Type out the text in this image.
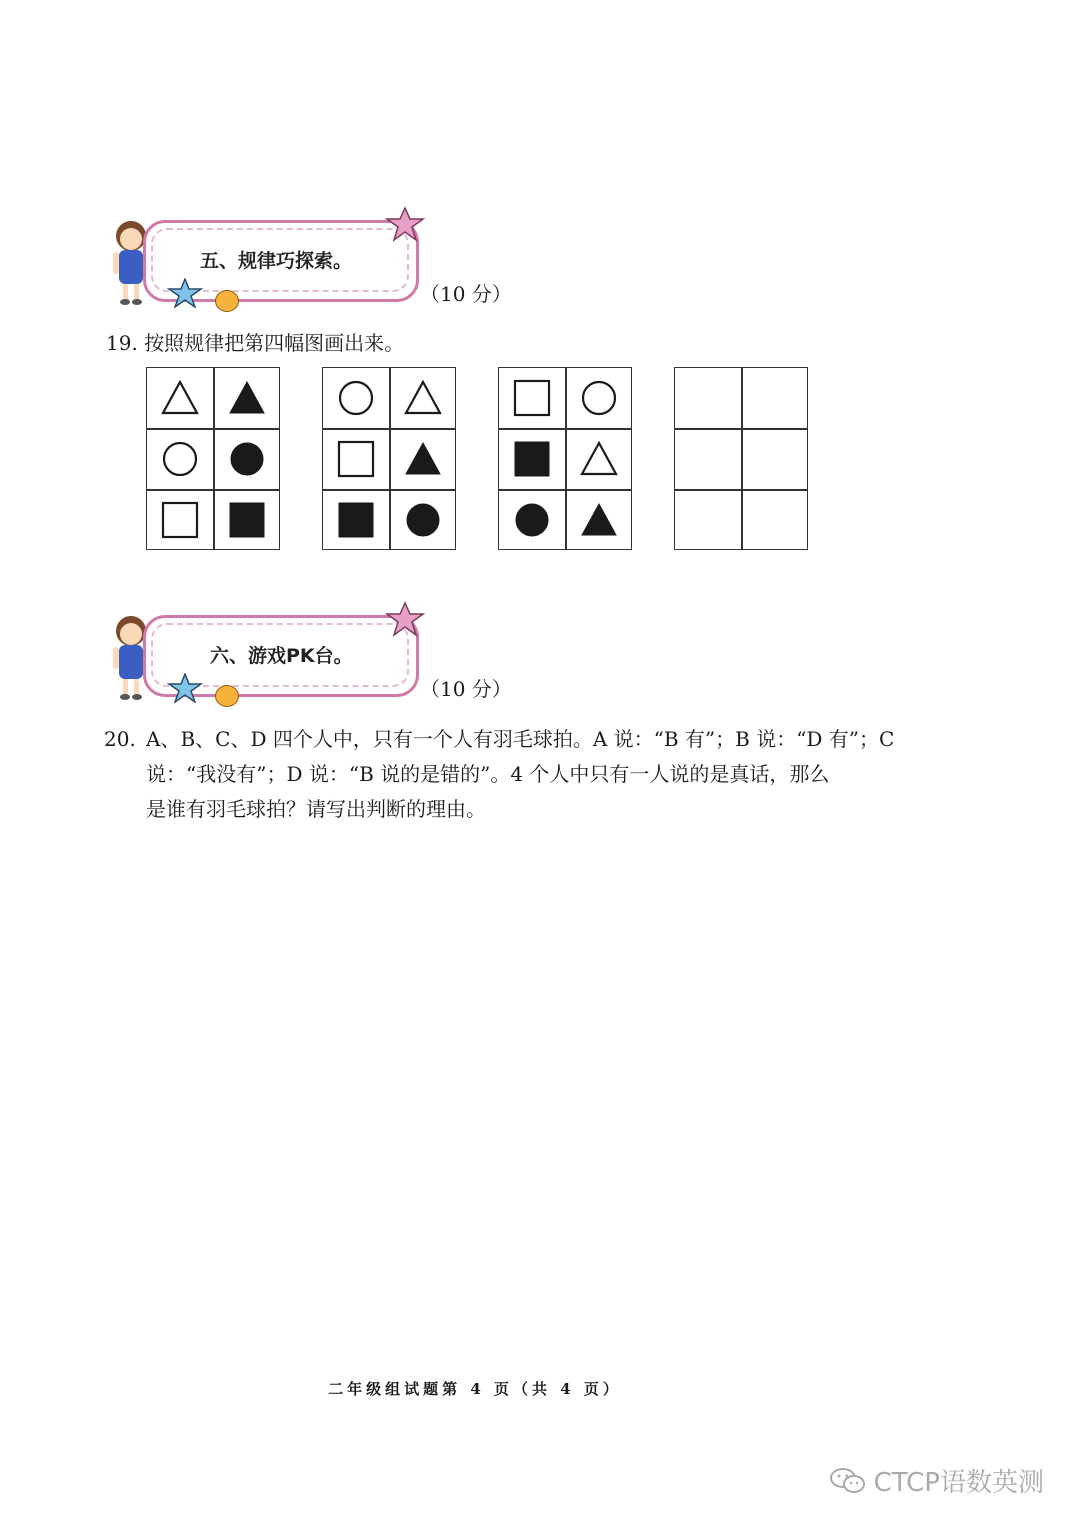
五、规律巧探索。
（10 分）
19. 按照规律把第四幅图画出来。
六、游戏PK台。
（10 分）
20. A、B、C、D 四个人中，只有一个人有羽毛球拍。A 说：“B 有”；B 说：“D 有”；C
说：“我没有”；D 说：“B 说的是错的”。4 个人中只有一人说的是真话，那么
是谁有羽毛球拍？请写出判断的理由。
二年级组试题第 4 页（共 4 页）
CTCP语数英测
